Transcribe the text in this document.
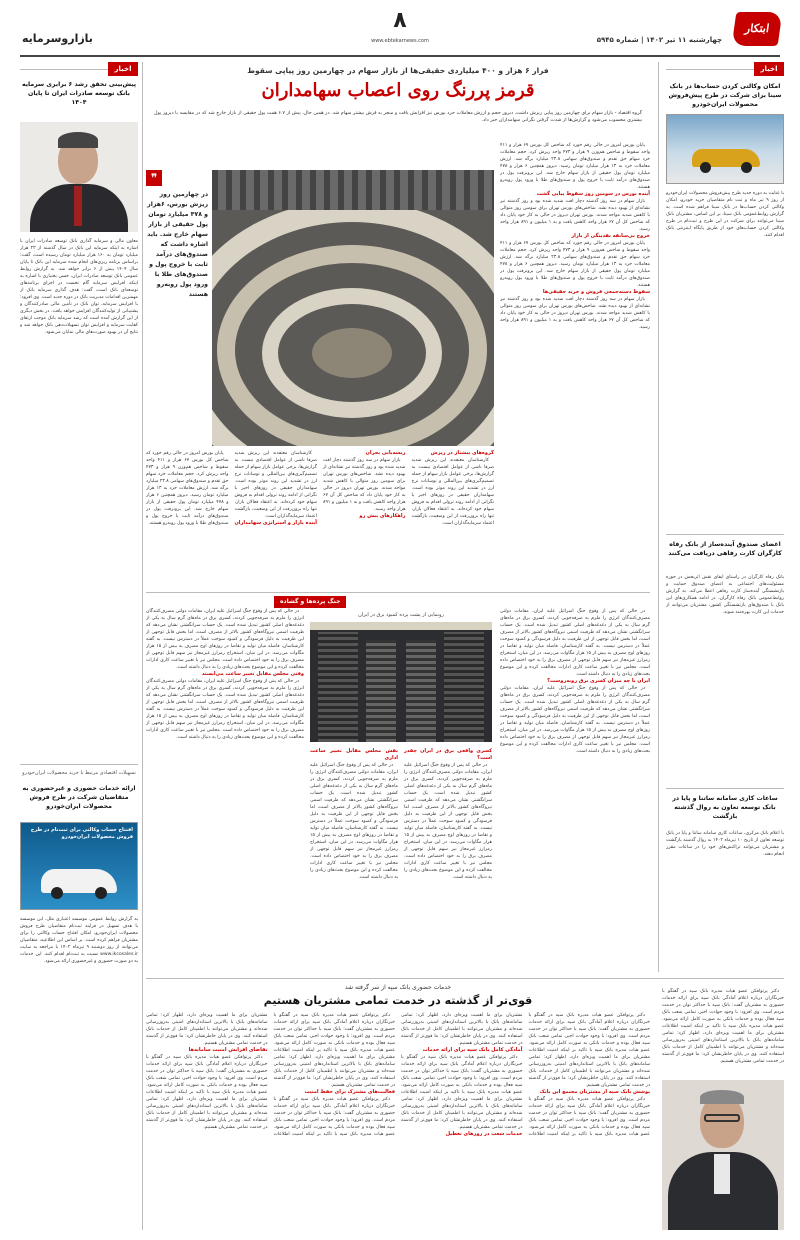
ابتکار
چهارشنبه ۱۱ تیر ۱۴۰۲ | شماره ۵۹۴۵
۸
www.ebtekarnews.com
بازاروسرمایه
اخبار
امکان وکالتی کردن حساب‌ها در بانک سینا برای شرکت در طرح پیش‌فروش محصولات ایران‌خودرو
با عنایت به دوره جدید طرح پیش‌فروش محصولات ایران‌خودرو از روز ۹ تیر ماه و ثبت نام متقاضیان خرید خودرو، امکان وکالتی کردن حساب‌ها در بانک سینا فراهم شده است. به گزارش روابط‌عمومی بانک سینا، بر این اساس، مشتریان بانک سینا می‌توانند برای شرکت در این طرح و ثبت‌نام در طرح وکالتی کردن حساب‌های خود از طریق پایگاه اینترنتی بانک اقدام کنند.
اعضای صندوق آینده‌ساز از بانک رفاه کارگران کارت رفاهی دریافت می‌کنند
بانک رفاه کارگران در راستای ایفای نقش اثربخش در حوزه مسئولیت‌های اجتماعی به اعضای صندوق حمایت و بازنشستگی آینده‌ساز کارت رفاهی اعطا می‌کند. به گزارش روابط‌عمومی بانک رفاه کارگران، در ادامه همکاری‌های این بانک با صندوق‌های بازنشستگی کشور، مشتریان می‌توانند از خدمات این کارت بهره‌مند شوند.
ساعات کاری سامانه ساتنا و پایا در بانک توسعه تعاون به روال گذشته بازگشت
با اعلام بانک مرکزی، ساعات کاری سامانه ساتنا و پایا در بانک توسعه تعاون از تاریخ ۱۰ تیرماه ۱۴۰۲ به روال گذشته بازگشت و مشتریان می‌توانند تراکنش‌های خود را در ساعات مقرر انجام دهند.
فرار ۶ هزار و ۴۰۰ میلیاردی حقیقی‌ها از بازار سهام در چهارمین روز پیاپی سقوط
قرمز پررنگ روی اعصاب سهامداران
گروه اقتصاد - بازار سهام برای چهارمین روز پیاپی ریزش داشت. دیروز حجم و ارزش معاملات خرد بورس نیز افزایش یافت و منجر به فرش بیشتر سهام شد. در همین حال، بیش از ۶.۷ همت پول حقیقی از بازار خارج شد که در مقایسه با دیروز پول بیشتری محسوب می‌شود و گزارش‌ها از شدت گرفتن نگرانی سهامداران خبر داد.

پایان بورس امروز در حالی رقم خورد که شاخص کل بورس ۶۷ هزار و ۴۱۱ واحد سقوط و شاخص هم‌وزن ۹ هزار و ۴۷۳ واحد ریزش کرد. حجم معاملات خرد سهام حق تقدم و صندوق‌های سهامی ۲۳.۸ میلیارد برگه شد. ارزش معاملات خرد به ۱۳ هزار میلیارد تومان رسید. دیروز همچنین ۶ هزار و ۴۷۸ میلیارد تومان پول حقیقی از بازار سهام خارج شد. این برونرفت پول در صندوق‌های درآمد ثابت با خروج پول و صندوق‌های طلا با ورود پول روبه‌رو هستند.

آینده بورس در سومین روز سقوط پیاپی گشت

بازار سهام در سه روز گذشته دچار افت شدید شده بود و روز گذشته نیز نشانه‌ای از بهبود دیده نشد. شاخص‌های بورس تهران برای سومین روز متوالی با کاهش شدید مواجه شدند. بورس تهران دیروز در حالی به کار خود پایان داد که شاخص کل آن ۶۷ هزار واحد کاهش یافت و به ۱ میلیون و ۸۹۱ هزار واحد رسید.

خروج بی‌سابقه نقدینگی از بازار

پایان بورس امروز در حالی رقم خورد که شاخص کل بورس ۶۷ هزار و ۴۱۱ واحد سقوط و شاخص هم‌وزن ۹ هزار و ۴۷۳ واحد ریزش کرد. حجم معاملات خرد سهام حق تقدم و صندوق‌های سهامی ۲۳.۸ میلیارد برگه شد. ارزش معاملات خرد به ۱۳ هزار میلیارد تومان رسید. دیروز همچنین ۶ هزار و ۴۷۸ میلیارد تومان پول حقیقی از بازار سهام خارج شد. این برونرفت پول در صندوق‌های درآمد ثابت با خروج پول و صندوق‌های طلا با ورود پول روبه‌رو هستند.

سقوط دسته‌جمعی فروش و خرید حقیقی‌ها

بازار سهام در سه روز گذشته دچار افت شدید شده بود و روز گذشته نیز نشانه‌ای از بهبود دیده نشد. شاخص‌های بورس تهران برای سومین روز متوالی با کاهش شدید مواجه شدند. بورس تهران دیروز در حالی به کار خود پایان داد که شاخص کل آن ۶۷ هزار واحد کاهش یافت و به ۱ میلیون و ۸۹۱ هزار واحد رسید.

❞
در چهارمین روز ریزش بورس، ۶هزار و ۴۷۸ میلیارد تومان پول حقیقی از بازار سهام خارج شد. باید اشاره داشت که صندوق‌های درآمد ثابت با خروج پول و صندوق‌های طلا با ورود پول روبه‌رو هستند
گروه‌های پیشتاز در ریزش

کارشناسان معتقدند این ریزش شدید صرفا ناشی از عوامل اقتصادی نیست. به گزارش‌ها، برخی عوامل بازار سهام از جمله تصمیم‌گیری‌های بین‌المللی و نوسانات نرخ ارز در تشدید این روند موثر بوده است. سهامداران حقیقی در روزهای اخیر با نگرانی از ادامه روند نزولی اقدام به فروش سهام خود کرده‌اند. به اعتقاد فعالان بازار، تنها راه برون‌رفت از این وضعیت، بازگشت اعتماد سرمایه‌گذاران است.

ریشه‌یابی بحران

بازار سهام در سه روز گذشته دچار افت شدید شده بود و روز گذشته نیز نشانه‌ای از بهبود دیده نشد. شاخص‌های بورس تهران برای سومین روز متوالی با کاهش شدید مواجه شدند. بورس تهران دیروز در حالی به کار خود پایان داد که شاخص کل آن ۶۷ هزار واحد کاهش یافت و به ۱ میلیون و ۸۹۱ هزار واحد رسید.

راهکارهای پیش رو

کارشناسان معتقدند این ریزش شدید صرفا ناشی از عوامل اقتصادی نیست. به گزارش‌ها، برخی عوامل بازار سهام از جمله تصمیم‌گیری‌های بین‌المللی و نوسانات نرخ ارز در تشدید این روند موثر بوده است. سهامداران حقیقی در روزهای اخیر با نگرانی از ادامه روند نزولی اقدام به فروش سهام خود کرده‌اند. به اعتقاد فعالان بازار، تنها راه برون‌رفت از این وضعیت، بازگشت اعتماد سرمایه‌گذاران است.

آینده بازار و استراتژی سهامداران

پایان بورس امروز در حالی رقم خورد که شاخص کل بورس ۶۷ هزار و ۴۱۱ واحد سقوط و شاخص هم‌وزن ۹ هزار و ۴۷۳ واحد ریزش کرد. حجم معاملات خرد سهام حق تقدم و صندوق‌های سهامی ۲۳.۸ میلیارد برگه شد. ارزش معاملات خرد به ۱۳ هزار میلیارد تومان رسید. دیروز همچنین ۶ هزار و ۴۷۸ میلیارد تومان پول حقیقی از بازار سهام خارج شد. این برونرفت پول در صندوق‌های درآمد ثابت با خروج پول و صندوق‌های طلا با ورود پول روبه‌رو هستند.

اخبار
پیش‌بینی تحقق رشد ۶ برابری سرمایه بانک توسعه صادرات ایران تا پایان ۱۴۰۴
معاون مالی و سرمایه گذاری بانک توسعه صادرات ایران با اشاره به اینکه سرمایه این بانک در سال گذشته از ۲۳ هزار میلیارد تومان به ۱۶۰ هزار میلیارد تومان رسیده است، گفت: براساس برنامه ریزی‌های انجام شده سرمایه این بانک تا پایان سال ۱۴۰۴ بیش از ۶ برابر خواهد شد. به گزارش روابط عمومی بانک توسعه صادرات ایران، حسن بختیاری با اشاره به اینکه افزایش سرمایه گام نخست در اجرای برنامه‌های توسعه‌ای بانک است، گفت: هدف گذاری سرمایه بانک از مهمترین اقدامات مدیریت بانک در دوره جدید است. وی افزود: با افزایش سرمایه، توان بانک در تأمین مالی صادرکنندگان و پشتیبانی از تولیدکنندگان افزایش خواهد یافت. در بخش دیگری از این گزارش آمده است که رشد سرمایه بانک موجب ارتقای کفایت سرمایه و افزایش توان تسهیلات‌دهی بانک خواهد شد و نتایج آن در بهبود صورت‌های مالی نمایان می‌شود.
تسهیلات اقتصادی مرتبط با خرید محصولات ایران‌خودرو
ارائه خدمات حضوری و غیرحضوری به متقاضیان شرکت در طرح فروش محصولات ایران‌خودرو
افتتاح حساب وکالتی برای ثبت‌نام در طرح فروش محصولات ایران‌خودرو
به گزارش روابط عمومی موسسه اعتباری ملل، این موسسه با هدف تسهیل در فرایند ثبت‌نام متقاضیان طرح فروش محصولات ایران‌خودرو، امکان افتتاح حساب وکالتی را برای مشتریان فراهم کرده است. بر اساس این اطلاعیه، متقاضیان می‌توانند از روز دوشنبه ۹ تیرماه ۱۴۰۲ با مراجعه به سایت www.ikcosales.ir نسبت به ثبت‌نام اقدام کنند. این خدمات به دو صورت حضوری و غیرحضوری ارائه می‌شود.
جنگ پرده‌ها و گشاده
رونمایی از پشت پرده کمبود برق در ایران

در حالی که پس از وقوع جنگ اسرائیل علیه ایران، مقامات دولتی مصرف‌کنندگان انرژی را ملزم به صرفه‌جویی کردند، کسری برق در ماه‌های گرم سال به یکی از دغدغه‌های اصلی کشور تبدیل شده است. یک حساب سرانگشتی نشان می‌دهد که ظرفیت اسمی نیروگاه‌های کشور بالاتر از مصرف است، اما بخش قابل توجهی از این ظرفیت به دلیل فرسودگی و کمبود سوخت عملاً در دسترس نیست. به گفته کارشناسان، فاصله میان تولید و تقاضا در روزهای اوج مصرف به بیش از ۱۵ هزار مگاوات می‌رسد. در این میان، استخراج رمزارز غیرمجاز نیز سهم قابل توجهی از مصرف برق را به خود اختصاص داده است. مجلس نیز با تغییر ساعت کاری ادارات مخالفت کرده و این موضوع بحث‌های زیادی را به دنبال داشته است.

ایران با چه میزان کسری برق روبه‌روست؟

در حالی که پس از وقوع جنگ اسرائیل علیه ایران، مقامات دولتی مصرف‌کنندگان انرژی را ملزم به صرفه‌جویی کردند، کسری برق در ماه‌های گرم سال به یکی از دغدغه‌های اصلی کشور تبدیل شده است. یک حساب سرانگشتی نشان می‌دهد که ظرفیت اسمی نیروگاه‌های کشور بالاتر از مصرف است، اما بخش قابل توجهی از این ظرفیت به دلیل فرسودگی و کمبود سوخت عملاً در دسترس نیست. به گفته کارشناسان، فاصله میان تولید و تقاضا در روزهای اوج مصرف به بیش از ۱۵ هزار مگاوات می‌رسد. در این میان، استخراج رمزارز غیرمجاز نیز سهم قابل توجهی از مصرف برق را به خود اختصاص داده است. مجلس نیز با تغییر ساعت کاری ادارات مخالفت کرده و این موضوع بحث‌های زیادی را به دنبال داشته است.

کسری واقعی برق در ایران چقدر است؟

در حالی که پس از وقوع جنگ اسرائیل علیه ایران، مقامات دولتی مصرف‌کنندگان انرژی را ملزم به صرفه‌جویی کردند، کسری برق در ماه‌های گرم سال به یکی از دغدغه‌های اصلی کشور تبدیل شده است. یک حساب سرانگشتی نشان می‌دهد که ظرفیت اسمی نیروگاه‌های کشور بالاتر از مصرف است، اما بخش قابل توجهی از این ظرفیت به دلیل فرسودگی و کمبود سوخت عملاً در دسترس نیست. به گفته کارشناسان، فاصله میان تولید و تقاضا در روزهای اوج مصرف به بیش از ۱۵ هزار مگاوات می‌رسد. در این میان، استخراج رمزارز غیرمجاز نیز سهم قابل توجهی از مصرف برق را به خود اختصاص داده است. مجلس نیز با تغییر ساعت کاری ادارات مخالفت کرده و این موضوع بحث‌های زیادی را به دنبال داشته است.

نقش مجلس مقابل تغییر ساعت اداری

در حالی که پس از وقوع جنگ اسرائیل علیه ایران، مقامات دولتی مصرف‌کنندگان انرژی را ملزم به صرفه‌جویی کردند، کسری برق در ماه‌های گرم سال به یکی از دغدغه‌های اصلی کشور تبدیل شده است. یک حساب سرانگشتی نشان می‌دهد که ظرفیت اسمی نیروگاه‌های کشور بالاتر از مصرف است، اما بخش قابل توجهی از این ظرفیت به دلیل فرسودگی و کمبود سوخت عملاً در دسترس نیست. به گفته کارشناسان، فاصله میان تولید و تقاضا در روزهای اوج مصرف به بیش از ۱۵ هزار مگاوات می‌رسد. در این میان، استخراج رمزارز غیرمجاز نیز سهم قابل توجهی از مصرف برق را به خود اختصاص داده است. مجلس نیز با تغییر ساعت کاری ادارات مخالفت کرده و این موضوع بحث‌های زیادی را به دنبال داشته است.

در حالی که پس از وقوع جنگ اسرائیل علیه ایران، مقامات دولتی مصرف‌کنندگان انرژی را ملزم به صرفه‌جویی کردند، کسری برق در ماه‌های گرم سال به یکی از دغدغه‌های اصلی کشور تبدیل شده است. یک حساب سرانگشتی نشان می‌دهد که ظرفیت اسمی نیروگاه‌های کشور بالاتر از مصرف است، اما بخش قابل توجهی از این ظرفیت به دلیل فرسودگی و کمبود سوخت عملاً در دسترس نیست. به گفته کارشناسان، فاصله میان تولید و تقاضا در روزهای اوج مصرف به بیش از ۱۵ هزار مگاوات می‌رسد. در این میان، استخراج رمزارز غیرمجاز نیز سهم قابل توجهی از مصرف برق را به خود اختصاص داده است. مجلس نیز با تغییر ساعت کاری ادارات مخالفت کرده و این موضوع بحث‌های زیادی را به دنبال داشته است.

وقتی مجلس مقابل تغییر ساعت می‌ایستد

در حالی که پس از وقوع جنگ اسرائیل علیه ایران، مقامات دولتی مصرف‌کنندگان انرژی را ملزم به صرفه‌جویی کردند، کسری برق در ماه‌های گرم سال به یکی از دغدغه‌های اصلی کشور تبدیل شده است. یک حساب سرانگشتی نشان می‌دهد که ظرفیت اسمی نیروگاه‌های کشور بالاتر از مصرف است، اما بخش قابل توجهی از این ظرفیت به دلیل فرسودگی و کمبود سوخت عملاً در دسترس نیست. به گفته کارشناسان، فاصله میان تولید و تقاضا در روزهای اوج مصرف به بیش از ۱۵ هزار مگاوات می‌رسد. در این میان، استخراج رمزارز غیرمجاز نیز سهم قابل توجهی از مصرف برق را به خود اختصاص داده است. مجلس نیز با تغییر ساعت کاری ادارات مخالفت کرده و این موضوع بحث‌های زیادی را به دنبال داشته است.

خدمات حضوری بانک سپه از سر گرفته شد
قوی‌تر از گذشته در خدمت تمامی مشتریان هستیم

دکتر پرتوافکن عضو هیات مدیره بانک سپه در گفتگو با خبرنگاران درباره اعلام آمادگی بانک سپه برای ارائه خدمات حضوری به مشتریان گفت: بانک سپه با حداکثر توان در خدمت مردم است. وی افزود: با وجود حوادث اخیر، تمامی شعب بانک سپه فعال بوده و خدمات بانکی به صورت کامل ارائه می‌شود. عضو هیات مدیره بانک سپه با تاکید بر اینکه امنیت اطلاعات مشتریان برای ما اهمیت ویژه‌ای دارد، اظهار کرد: تمامی سامانه‌های بانک با بالاترین استانداردهای امنیتی به‌روزرسانی شده‌اند و مشتریان می‌توانند با اطمینان کامل از خدمات بانک استفاده کنند. وی در پایان خاطرنشان کرد: ما قوی‌تر از گذشته در خدمت تمامی مشتریان هستیم.

دکتر پرتوافکن عضو هیات مدیره بانک سپه در گفتگو با خبرنگاران درباره اعلام آمادگی بانک سپه برای ارائه خدمات حضوری به مشتریان گفت: بانک سپه با حداکثر توان در خدمت مردم است. وی افزود: با وجود حوادث اخیر، تمامی شعب بانک سپه فعال بوده و خدمات بانکی به صورت کامل ارائه می‌شود. عضو هیات مدیره بانک سپه با تاکید بر اینکه امنیت اطلاعات مشتریان برای ما اهمیت ویژه‌ای دارد، اظهار کرد: تمامی سامانه‌های بانک با بالاترین استانداردهای امنیتی به‌روزرسانی شده‌اند و مشتریان می‌توانند با اطمینان کامل از خدمات بانک استفاده کنند. وی در پایان خاطرنشان کرد: ما قوی‌تر از گذشته در خدمت تمامی مشتریان هستیم.

پوشش بانک سپه از مشتریان مجتمع این بانک

دکتر پرتوافکن عضو هیات مدیره بانک سپه در گفتگو با خبرنگاران درباره اعلام آمادگی بانک سپه برای ارائه خدمات حضوری به مشتریان گفت: بانک سپه با حداکثر توان در خدمت مردم است. وی افزود: با وجود حوادث اخیر، تمامی شعب بانک سپه فعال بوده و خدمات بانکی به صورت کامل ارائه می‌شود. عضو هیات مدیره بانک سپه با تاکید بر اینکه امنیت اطلاعات مشتریان برای ما اهمیت ویژه‌ای دارد، اظهار کرد: تمامی سامانه‌های بانک با بالاترین استانداردهای امنیتی به‌روزرسانی شده‌اند و مشتریان می‌توانند با اطمینان کامل از خدمات بانک استفاده کنند. وی در پایان خاطرنشان کرد: ما قوی‌تر از گذشته در خدمت تمامی مشتریان هستیم.

آمادگی کامل بانک سپه برای ارائه خدمات

دکتر پرتوافکن عضو هیات مدیره بانک سپه در گفتگو با خبرنگاران درباره اعلام آمادگی بانک سپه برای ارائه خدمات حضوری به مشتریان گفت: بانک سپه با حداکثر توان در خدمت مردم است. وی افزود: با وجود حوادث اخیر، تمامی شعب بانک سپه فعال بوده و خدمات بانکی به صورت کامل ارائه می‌شود. عضو هیات مدیره بانک سپه با تاکید بر اینکه امنیت اطلاعات مشتریان برای ما اهمیت ویژه‌ای دارد، اظهار کرد: تمامی سامانه‌های بانک با بالاترین استانداردهای امنیتی به‌روزرسانی شده‌اند و مشتریان می‌توانند با اطمینان کامل از خدمات بانک استفاده کنند. وی در پایان خاطرنشان کرد: ما قوی‌تر از گذشته در خدمت تمامی مشتریان هستیم.

خدمات شعب در روزهای تعطیل

دکتر پرتوافکن عضو هیات مدیره بانک سپه در گفتگو با خبرنگاران درباره اعلام آمادگی بانک سپه برای ارائه خدمات حضوری به مشتریان گفت: بانک سپه با حداکثر توان در خدمت مردم است. وی افزود: با وجود حوادث اخیر، تمامی شعب بانک سپه فعال بوده و خدمات بانکی به صورت کامل ارائه می‌شود. عضو هیات مدیره بانک سپه با تاکید بر اینکه امنیت اطلاعات مشتریان برای ما اهمیت ویژه‌ای دارد، اظهار کرد: تمامی سامانه‌های بانک با بالاترین استانداردهای امنیتی به‌روزرسانی شده‌اند و مشتریان می‌توانند با اطمینان کامل از خدمات بانک استفاده کنند. وی در پایان خاطرنشان کرد: ما قوی‌تر از گذشته در خدمت تمامی مشتریان هستیم.

فعالیت‌های مشترک برای حفظ امنیت

دکتر پرتوافکن عضو هیات مدیره بانک سپه در گفتگو با خبرنگاران درباره اعلام آمادگی بانک سپه برای ارائه خدمات حضوری به مشتریان گفت: بانک سپه با حداکثر توان در خدمت مردم است. وی افزود: با وجود حوادث اخیر، تمامی شعب بانک سپه فعال بوده و خدمات بانکی به صورت کامل ارائه می‌شود. عضو هیات مدیره بانک سپه با تاکید بر اینکه امنیت اطلاعات مشتریان برای ما اهمیت ویژه‌ای دارد، اظهار کرد: تمامی سامانه‌های بانک با بالاترین استانداردهای امنیتی به‌روزرسانی شده‌اند و مشتریان می‌توانند با اطمینان کامل از خدمات بانک استفاده کنند. وی در پایان خاطرنشان کرد: ما قوی‌تر از گذشته در خدمت تمامی مشتریان هستیم.

تقاضای افزایش امنیت سامانه‌ها

دکتر پرتوافکن عضو هیات مدیره بانک سپه در گفتگو با خبرنگاران درباره اعلام آمادگی بانک سپه برای ارائه خدمات حضوری به مشتریان گفت: بانک سپه با حداکثر توان در خدمت مردم است. وی افزود: با وجود حوادث اخیر، تمامی شعب بانک سپه فعال بوده و خدمات بانکی به صورت کامل ارائه می‌شود. عضو هیات مدیره بانک سپه با تاکید بر اینکه امنیت اطلاعات مشتریان برای ما اهمیت ویژه‌ای دارد، اظهار کرد: تمامی سامانه‌های بانک با بالاترین استانداردهای امنیتی به‌روزرسانی شده‌اند و مشتریان می‌توانند با اطمینان کامل از خدمات بانک استفاده کنند. وی در پایان خاطرنشان کرد: ما قوی‌تر از گذشته در خدمت تمامی مشتریان هستیم.
